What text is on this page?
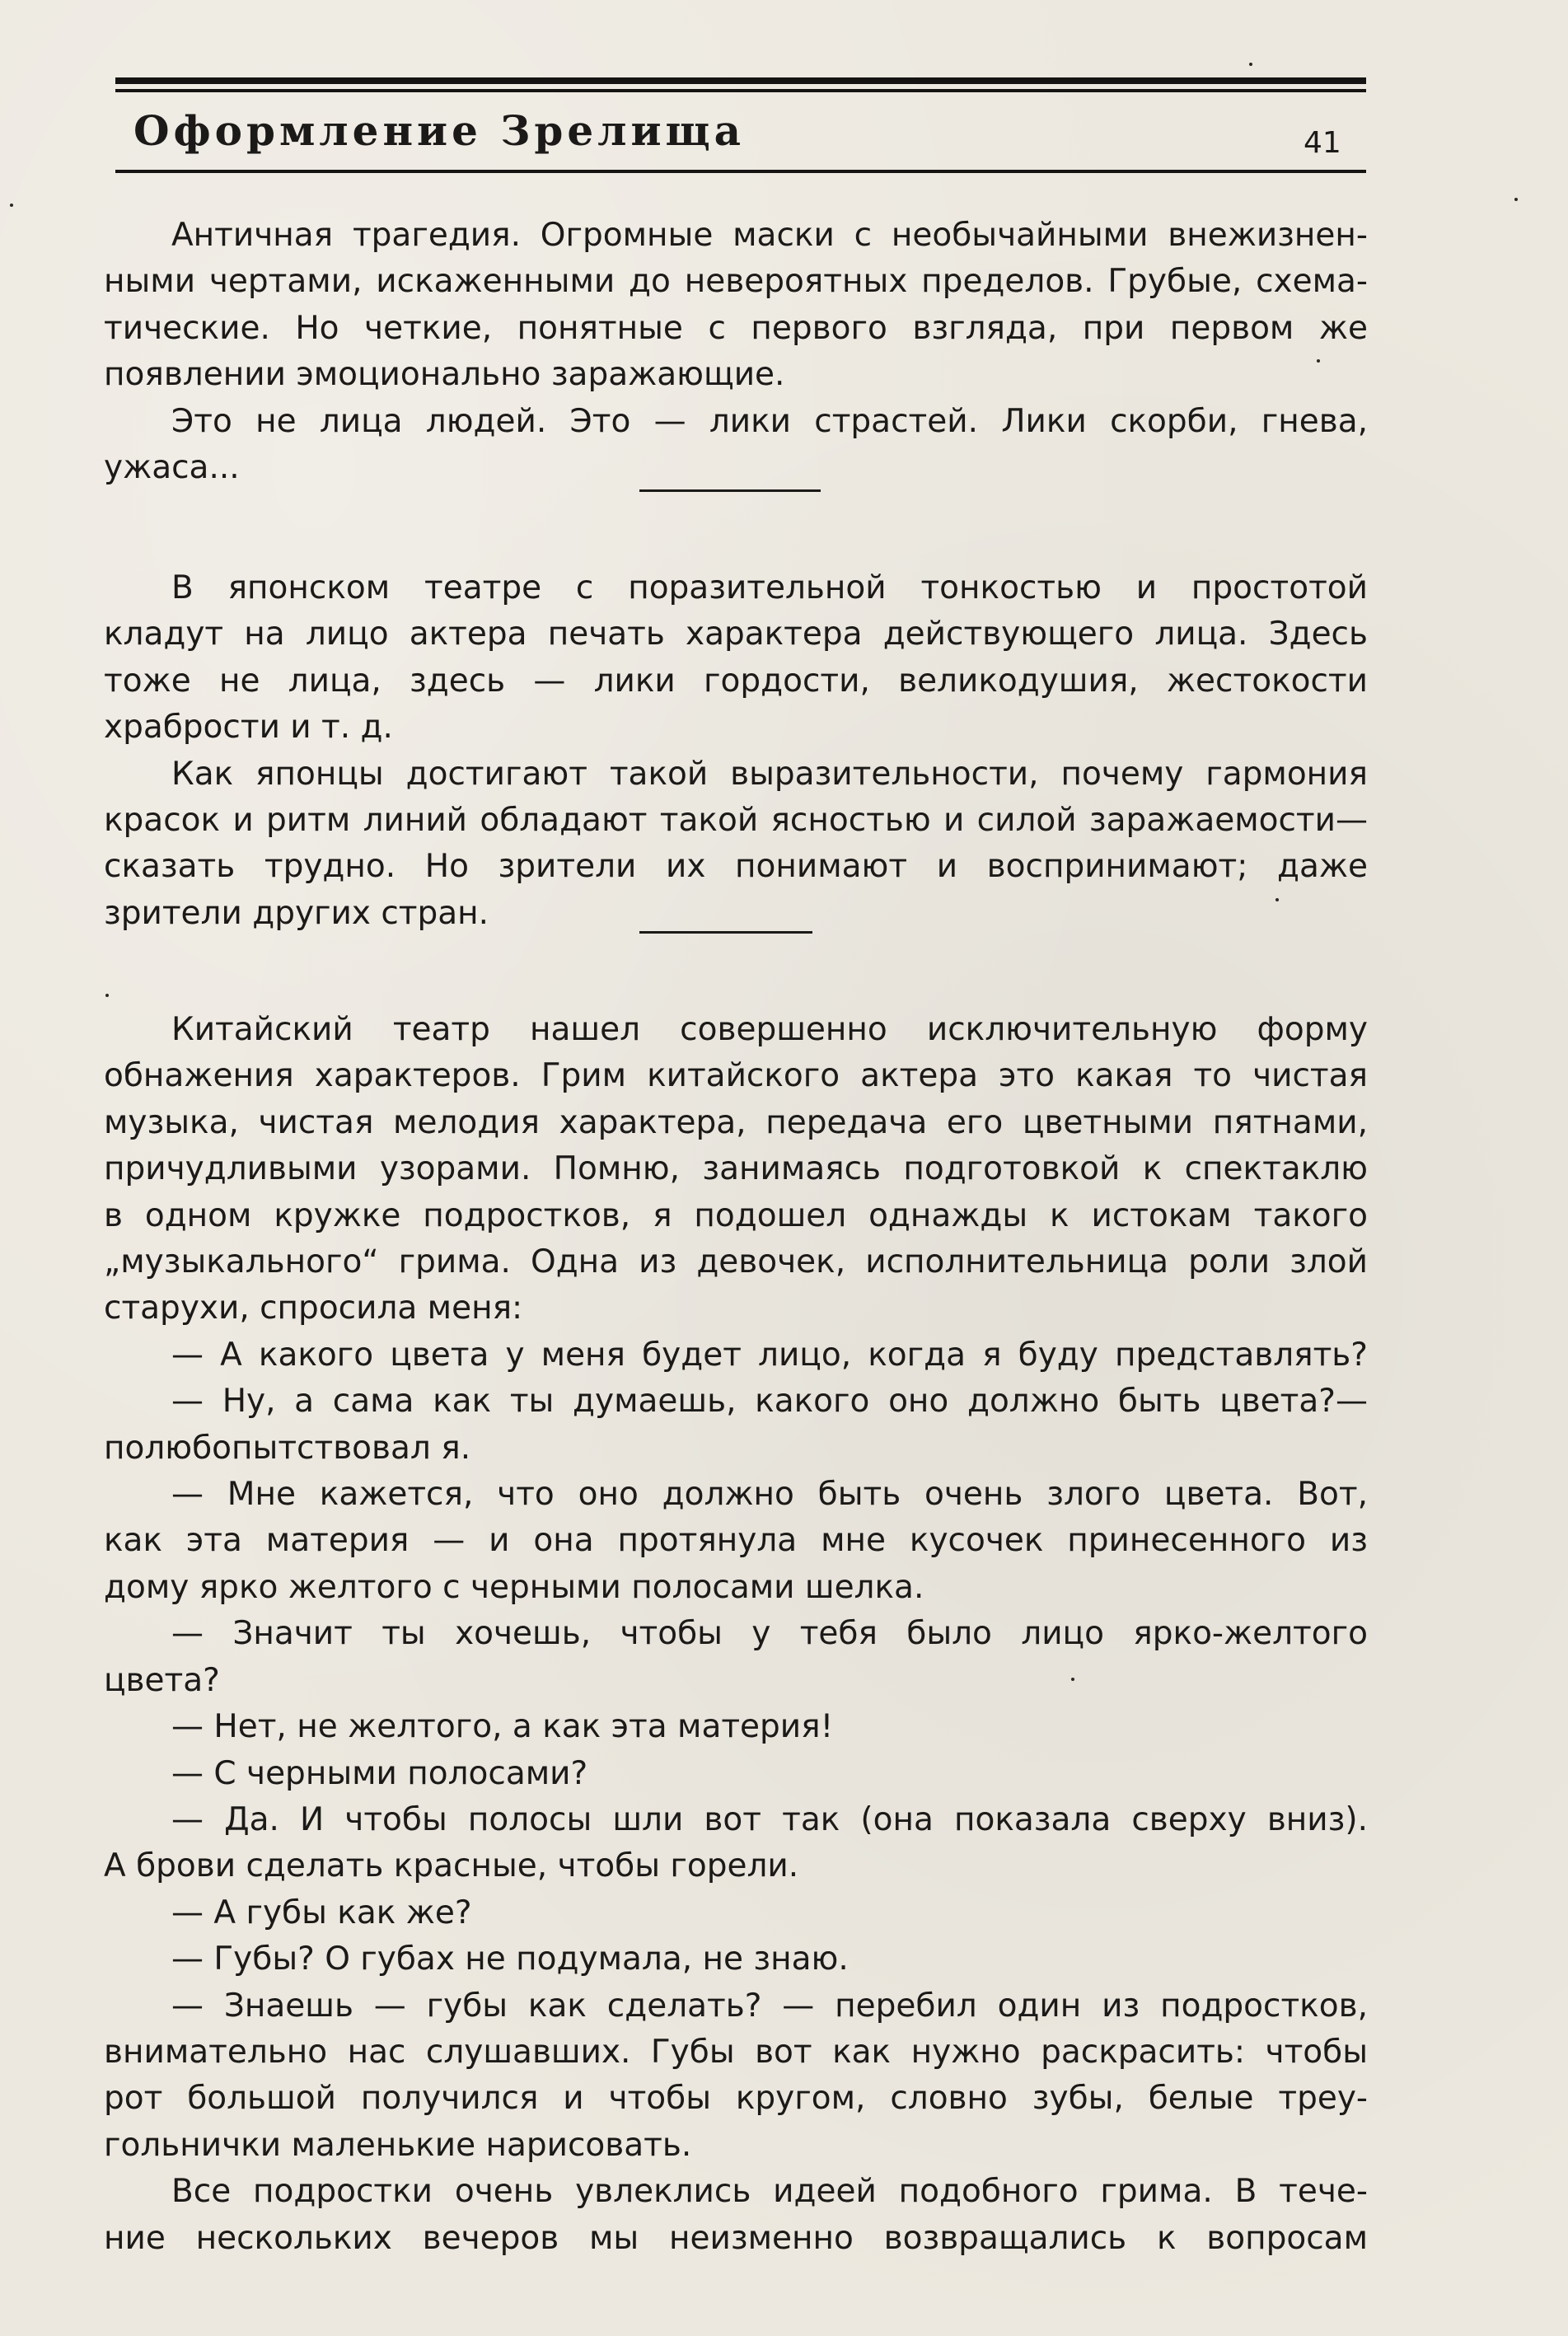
Оформление Зрелища	41
Античная трагедия. Огромные маски с необычайными внежизнен-
ными чертами, искаженными до невероятных пределов. Грубые, схема-
тические. Но четкие, понятные с первого взгляда, при первом же
появлении эмоционально заражающие.
Это не лица людей. Это — лики страстей. Лики скорби, гнева,
ужаса...
В японском театре с поразительной тонкостью и простотой
кладут на лицо актера печать характера действующего лица. Здесь
тоже не лица, здесь — лики гордости, великодушия, жестокости
храбрости и т. д.
Как японцы достигают такой выразительности, почему гармония
красок и ритм линий обладают такой ясностью и силой заражаемости—
сказать трудно. Но зрители их понимают и воспринимают; даже
зрители других стран.
Китайский театр нашел совершенно исключительную форму
обнажения характеров. Грим китайского актера это какая то чистая
музыка, чистая мелодия характера, передача его цветными пятнами,
причудливыми узорами. Помню, занимаясь подготовкой к спектаклю
в одном кружке подростков, я подошел однажды к истокам такого
„музыкального“ грима. Одна из девочек, исполнительница роли злой
старухи, спросила меня:
— А какого цвета у меня будет лицо, когда я буду представлять?
— Ну, а сама как ты думаешь, какого оно должно быть цвета?—
полюбопытствовал я.
— Мне кажется, что оно должно быть очень злого цвета. Вот,
как эта материя — и она протянула мне кусочек принесенного из
дому ярко желтого с черными полосами шелка.
— Значит ты хочешь, чтобы у тебя было лицо ярко-желтого
цвета?
— Нет, не желтого, а как эта материя!
— С черными полосами?
— Да. И чтобы полосы шли вот так (она показала сверху вниз).
А брови сделать красные, чтобы горели.
— А губы как же?
— Губы? О губах не подумала, не знаю.
— Знаешь — губы как сделать? — перебил один из подростков,
внимательно нас слушавших. Губы вот как нужно раскрасить: чтобы
рот большой получился и чтобы кругом, словно зубы, белые треу-
гольнички маленькие нарисовать.
Все подростки очень увлеклись идеей подобного грима. В тече-
ние нескольких вечеров мы неизменно возвращались к вопросам
